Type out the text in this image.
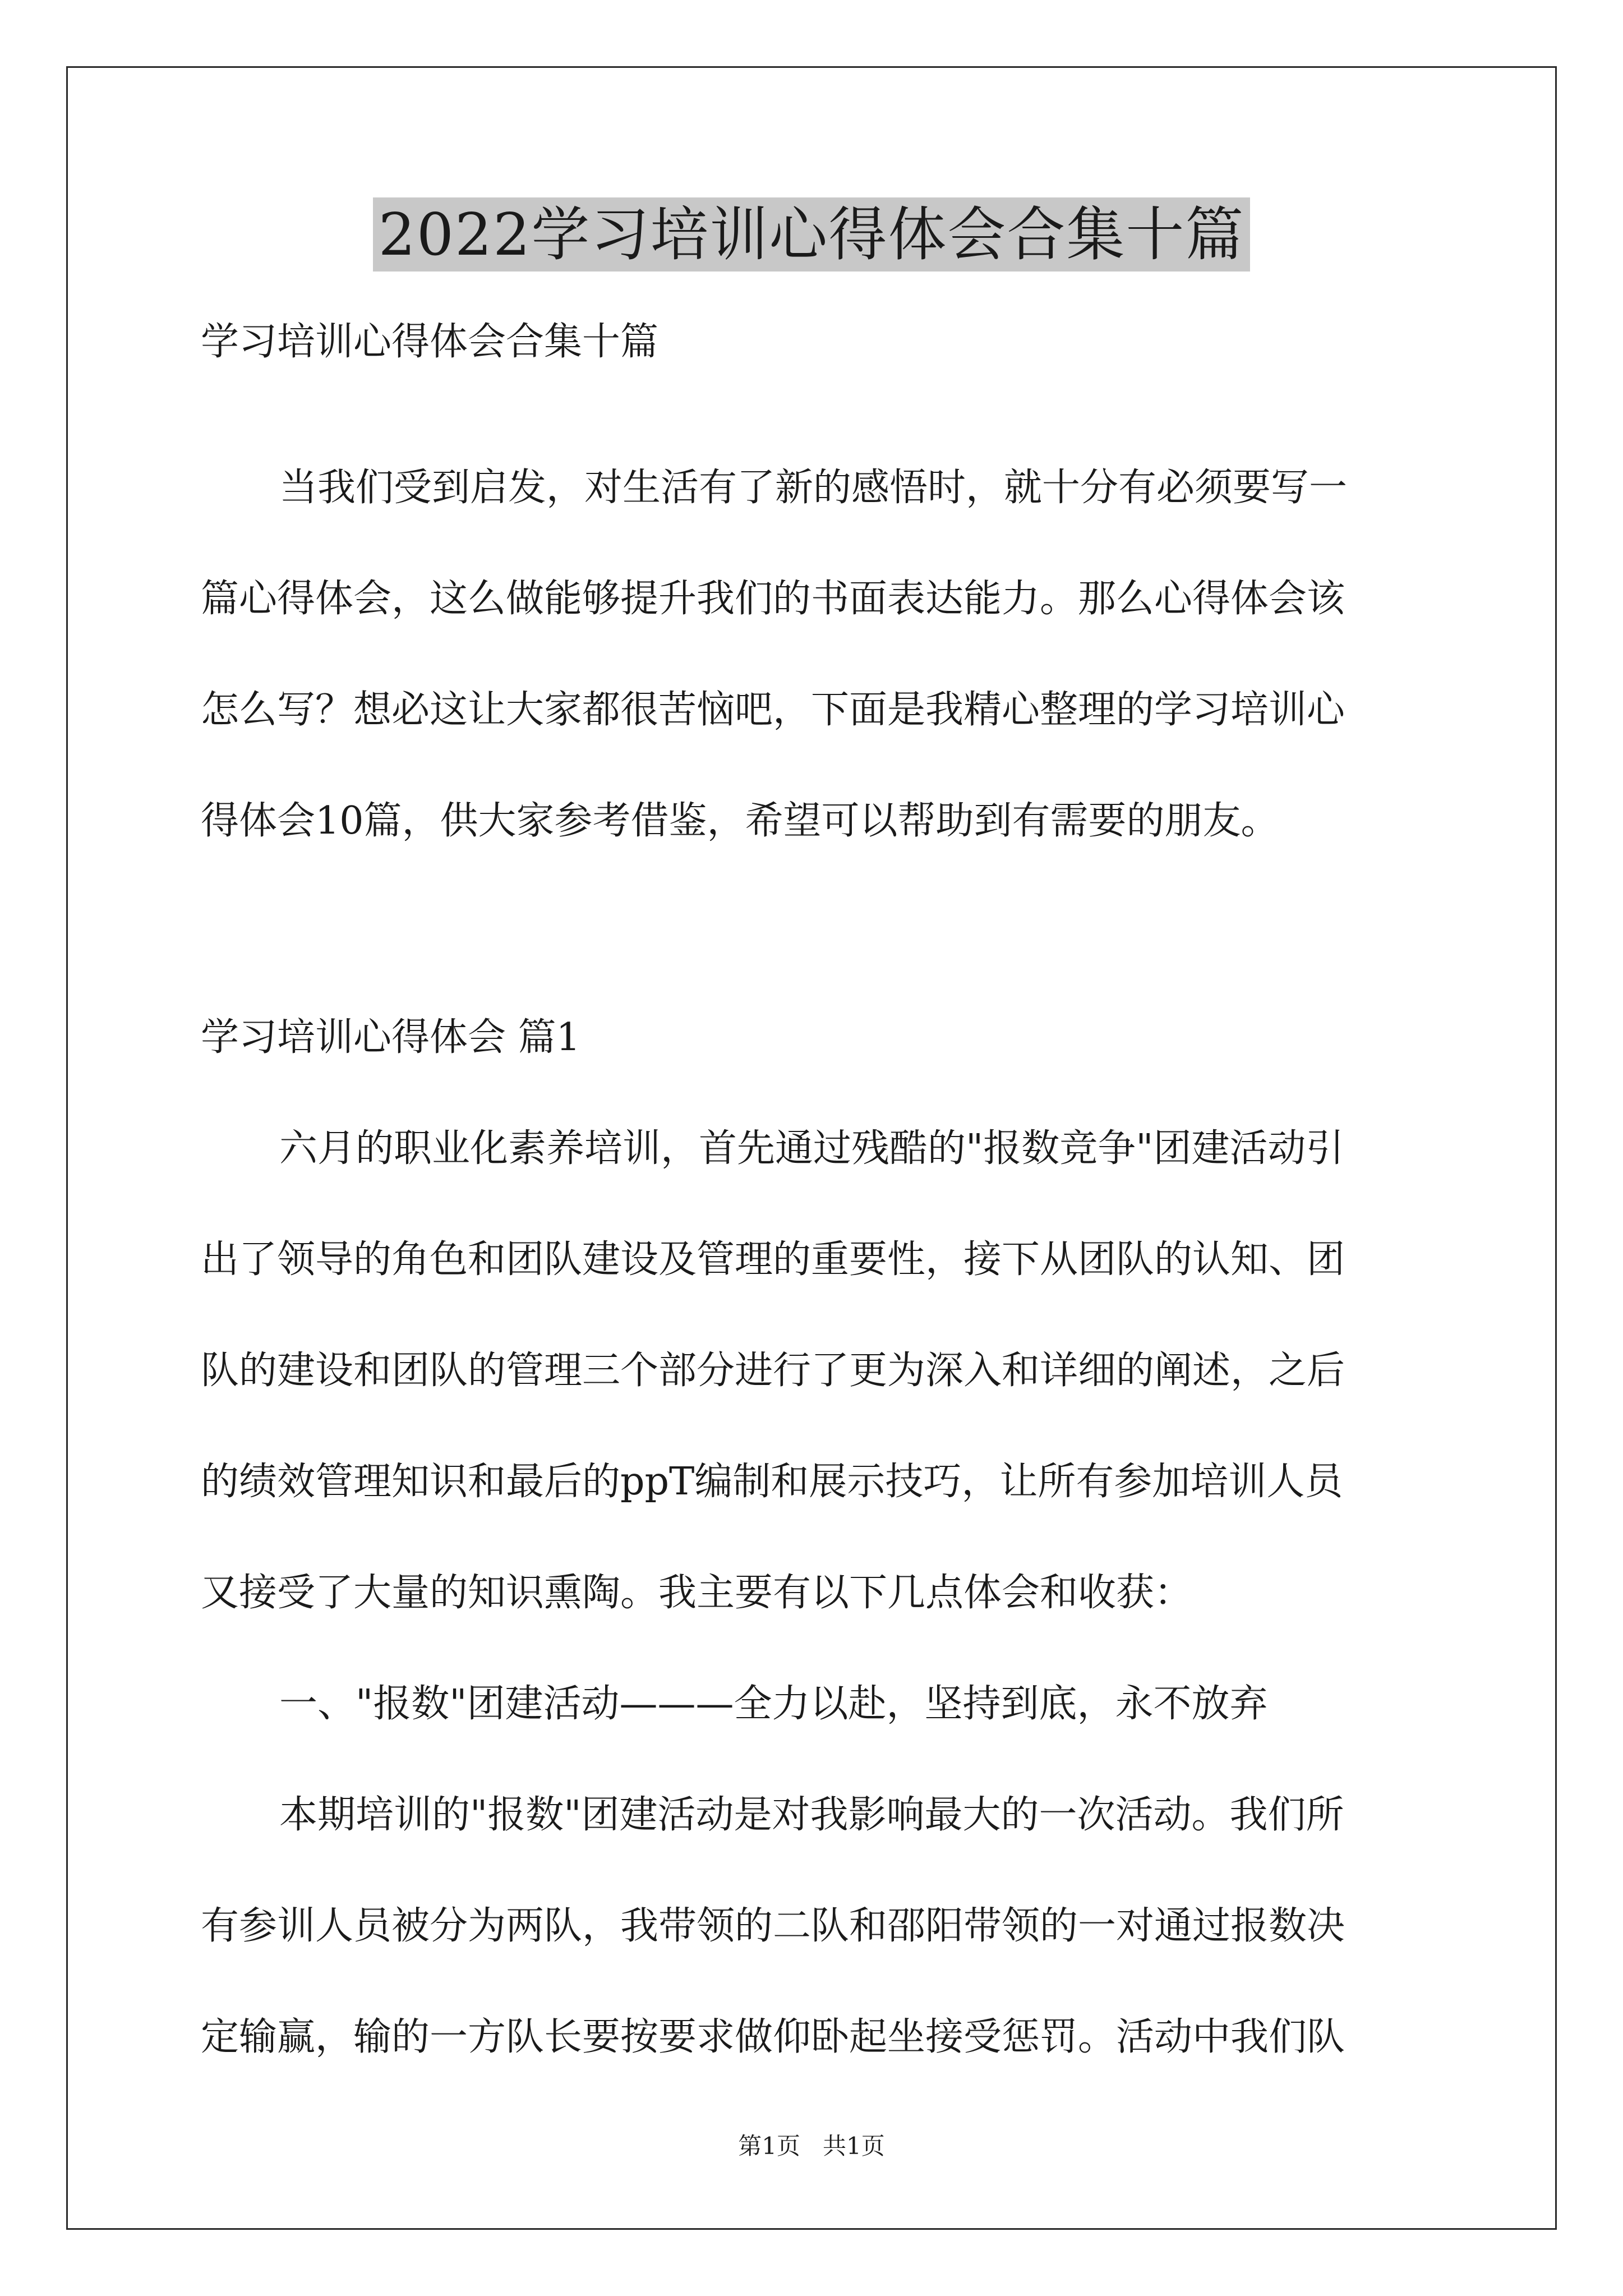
2022学习培训心得体会合集十篇

学习培训心得体会合集十篇

当我们受到启发，对生活有了新的感悟时，就十分有必须要写一

篇心得体会，这么做能够提升我们的书面表达能力。那么心得体会该

怎么写？想必这让大家都很苦恼吧，下面是我精心整理的学习培训心

得体会10篇，供大家参考借鉴，希望可以帮助到有需要的朋友。

学习培训心得体会 篇1

六月的职业化素养培训，首先通过残酷的"报数竞争"团建活动引

出了领导的角色和团队建设及管理的重要性，接下从团队的认知、团

队的建设和团队的管理三个部分进行了更为深入和详细的阐述，之后

的绩效管理知识和最后的ppT编制和展示技巧，让所有参加培训人员

又接受了大量的知识熏陶。我主要有以下几点体会和收获：

一、"报数"团建活动———全力以赴，坚持到底，永不放弃

本期培训的"报数"团建活动是对我影响最大的一次活动。我们所

有参训人员被分为两队，我带领的二队和邵阳带领的一对通过报数决

定输赢，输的一方队长要按要求做仰卧起坐接受惩罚。活动中我们队

第1页 共1页
